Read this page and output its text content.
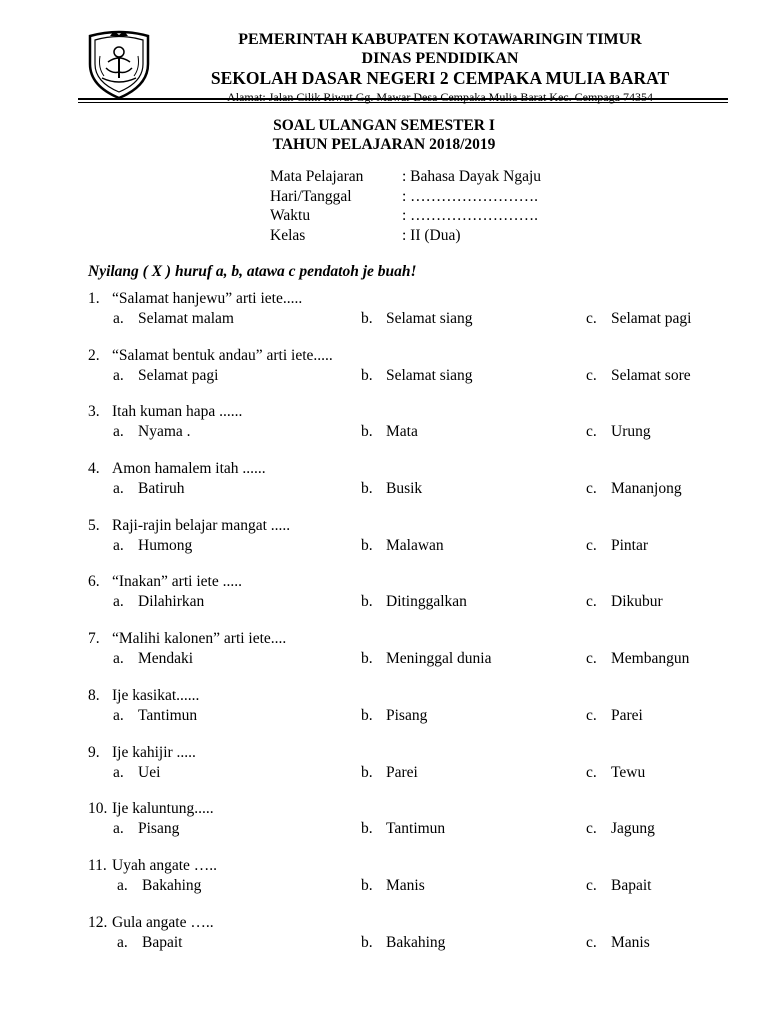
PEMERINTAH KABUPATEN KOTAWARINGIN TIMUR
DINAS PENDIDIKAN
SEKOLAH DASAR NEGERI 2 CEMPAKA MULIA BARAT
Alamat: Jalan Cilik Riwut Gg. Mawar Desa Cempaka Mulia Barat Kec. Cempaga 74354
SOAL ULANGAN SEMESTER I
TAHUN PELAJARAN 2018/2019
Mata Pelajaran	: Bahasa Dayak Ngaju
Hari/Tanggal	: …………………….
Waktu	: …………………….
Kelas	: II (Dua)
Nyilang ( X ) huruf a, b, atawa c pendatoh je buah!
1. “Salamat hanjewu” arti iete.....
a. Selamat malam	b. Selamat siang	c. Selamat pagi
2. “Salamat bentuk andau” arti iete.....
a. Selamat pagi	b. Selamat siang	c. Selamat sore
3. Itah kuman hapa ......
a. Nyama .	b. Mata	c. Urung
4. Amon hamalem itah ......
a. Batiruh	b. Busik	c. Mananjong
5. Raji-rajin belajar mangat .....
a. Humong	b. Malawan	c. Pintar
6. “Inakan” arti iete .....
a. Dilahirkan	b. Ditinggalkan	c. Dikubur
7. “Malihi kalonen” arti iete....
a. Mendaki	b. Meninggal dunia	c. Membangun
8. Ije kasikat......
a. Tantimun	b. Pisang	c. Parei
9. Ije kahijir .....
a. Uei	b. Parei	c. Tewu
10. Ije kaluntung.....
a. Pisang	b. Tantimun	c. Jagung
11. Uyah angate …..
a. Bakahing	b. Manis	c. Bapait
12. Gula angate …..
a. Bapait	b. Bakahing	c. Manis
